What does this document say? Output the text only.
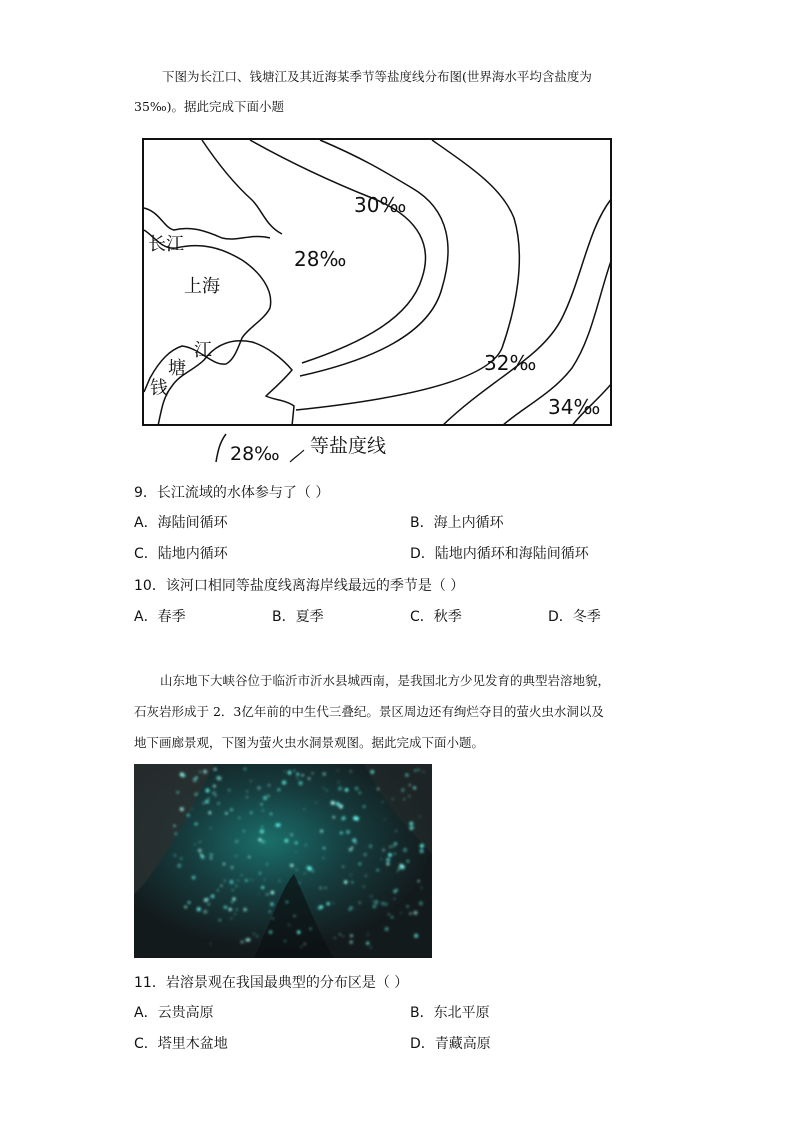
下图为长江口、钱塘江及其近海某季节等盐度线分布图(世界海水平均含盐度为
35‰)。据此完成下面小题
长江
上海
江
塘
钱
30‰
28‰
32‰
34‰
28‰ 等盐度线
9．长江流域的水体参与了（ ）
A．海陆间循环	B．海上内循环
C．陆地内循环	D．陆地内循环和海陆间循环
10．该河口相同等盐度线离海岸线最远的季节是（ ）
A．春季	B．夏季	C．秋季	D．冬季
山东地下大峡谷位于临沂市沂水县城西南，是我国北方少见发育的典型岩溶地貌，
石灰岩形成于 2．3亿年前的中生代三叠纪。景区周边还有绚烂夺目的萤火虫水洞以及
地下画廊景观，下图为萤火虫水洞景观图。据此完成下面小题。
11．岩溶景观在我国最典型的分布区是（ ）
A．云贵高原	B．东北平原
C．塔里木盆地	D．青藏高原
